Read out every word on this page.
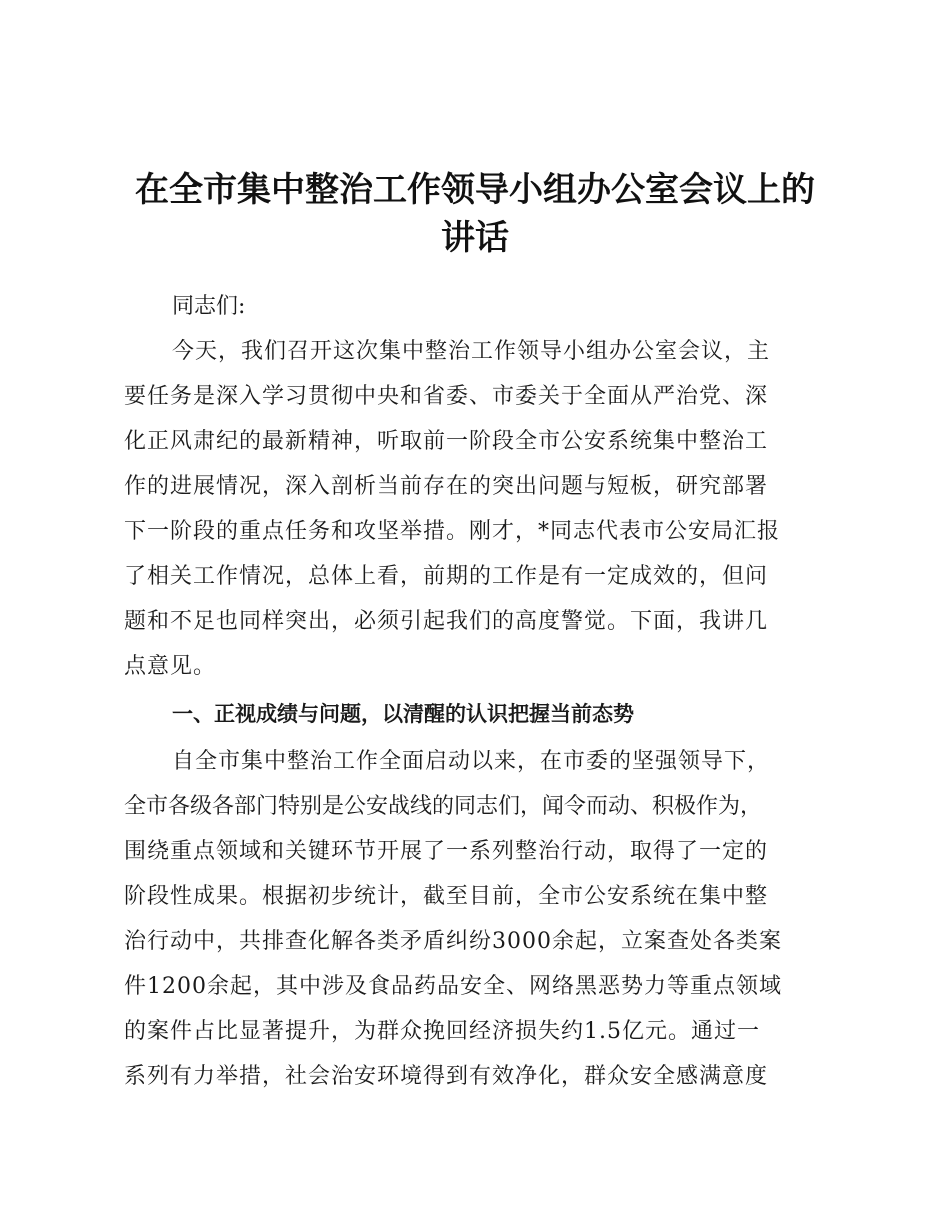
在全市集中整治工作领导小组办公室会议上的
讲话

同志们:

今天，我们召开这次集中整治工作领导小组办公室会议，主
要任务是深入学习贯彻中央和省委、市委关于全面从严治党、深
化正风肃纪的最新精神，听取前一阶段全市公安系统集中整治工
作的进展情况，深入剖析当前存在的突出问题与短板，研究部署
下一阶段的重点任务和攻坚举措。刚才，*同志代表市公安局汇报
了相关工作情况，总体上看，前期的工作是有一定成效的，但问
题和不足也同样突出，必须引起我们的高度警觉。下面，我讲几
点意见。

一、正视成绩与问题，以清醒的认识把握当前态势

自全市集中整治工作全面启动以来，在市委的坚强领导下，
全市各级各部门特别是公安战线的同志们，闻令而动、积极作为，
围绕重点领域和关键环节开展了一系列整治行动，取得了一定的
阶段性成果。根据初步统计，截至目前，全市公安系统在集中整
治行动中，共排查化解各类矛盾纠纷3000余起，立案查处各类案
件1200余起，其中涉及食品药品安全、网络黑恶势力等重点领域
的案件占比显著提升，为群众挽回经济损失约1.5亿元。通过一
系列有力举措，社会治安环境得到有效净化，群众安全感满意度
